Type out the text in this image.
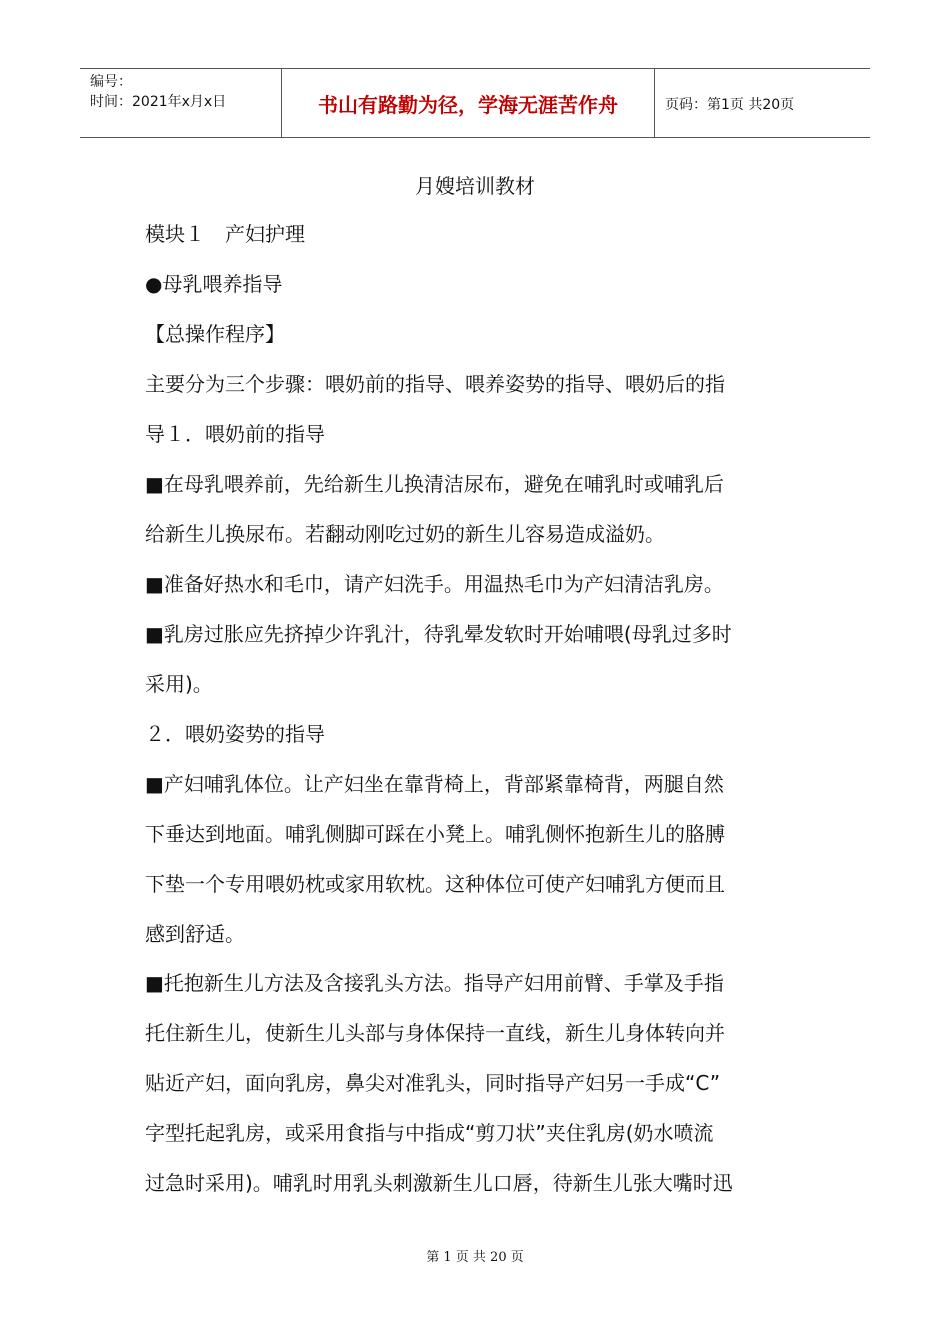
编号：
时间：2021年x月x日	书山有路勤为径，学海无涯苦作舟	页码：第1页 共20页
月嫂培训教材
模块１　产妇护理
●母乳喂养指导
【总操作程序】
主要分为三个步骤：喂奶前的指导、喂养姿势的指导、喂奶后的指
导１．喂奶前的指导
■在母乳喂养前，先给新生儿换清洁尿布，避免在哺乳时或哺乳后
给新生儿换尿布。若翻动刚吃过奶的新生儿容易造成溢奶。
■准备好热水和毛巾，请产妇洗手。用温热毛巾为产妇清洁乳房。
■乳房过胀应先挤掉少许乳汁，待乳晕发软时开始哺喂(母乳过多时
采用)。
２．喂奶姿势的指导
■产妇哺乳体位。让产妇坐在靠背椅上，背部紧靠椅背，两腿自然
下垂达到地面。哺乳侧脚可踩在小凳上。哺乳侧怀抱新生儿的胳膊
下垫一个专用喂奶枕或家用软枕。这种体位可使产妇哺乳方便而且
感到舒适。
■托抱新生儿方法及含接乳头方法。指导产妇用前臂、手掌及手指
托住新生儿，使新生儿头部与身体保持一直线，新生儿身体转向并
贴近产妇，面向乳房，鼻尖对准乳头，同时指导产妇另一手成“C”
字型托起乳房，或采用食指与中指成“剪刀状”夹住乳房(奶水喷流
过急时采用)。哺乳时用乳头刺激新生儿口唇，待新生儿张大嘴时迅
第 1 页 共 20 页
